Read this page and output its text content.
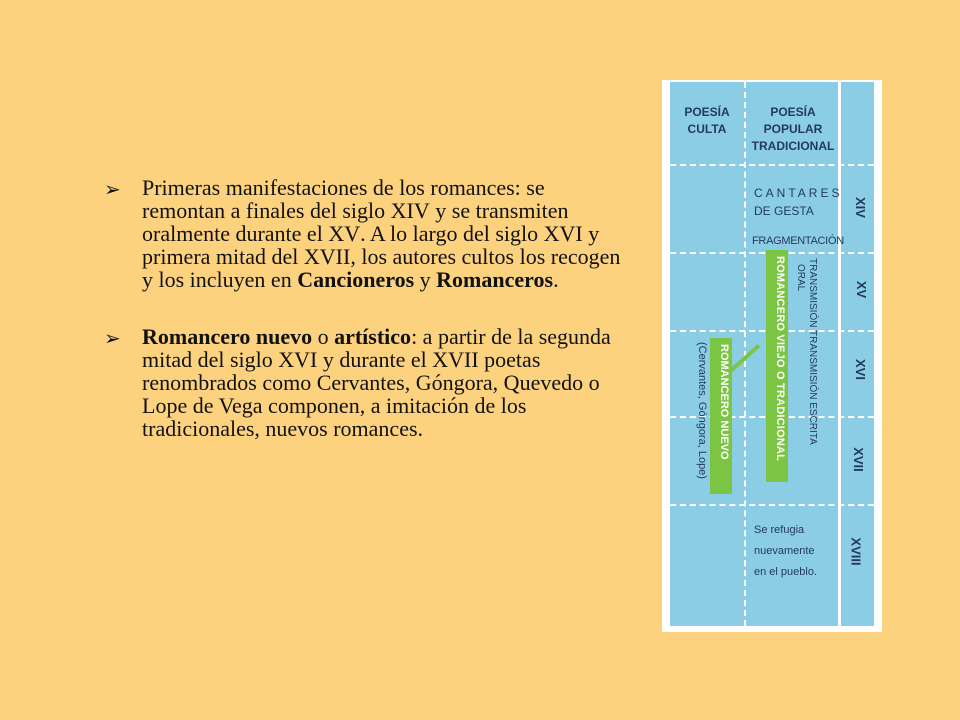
➢ Primeras manifestaciones de los romances: se remontan a finales del siglo XIV y se transmiten oralmente durante el XV. A lo largo del siglo XVI y primera mitad del XVII, los autores cultos los recogen y los incluyen en Cancioneros y Romanceros.
➢ Romancero nuevo o artístico: a partir de la segunda mitad del siglo XVI y durante el XVII poetas renombrados como Cervantes, Góngora, Quevedo o Lope de Vega componen, a imitación de los tradicionales, nuevos romances.
POESÍA CULTA
POESÍA POPULAR TRADICIONAL
XIV
XV
XVI
XVII
XVIII
CANTARES
DE GESTA
FRAGMENTACIÓN
ROMANCERO VIEJO O TRADICIONAL
ROMANCERO NUEVO
(Cervantes, Góngora, Lope)
TRANSMISIÓN
ORAL
TRANSMISIÓN ESCRITA
Se refugia
nuevamente
en el pueblo.
